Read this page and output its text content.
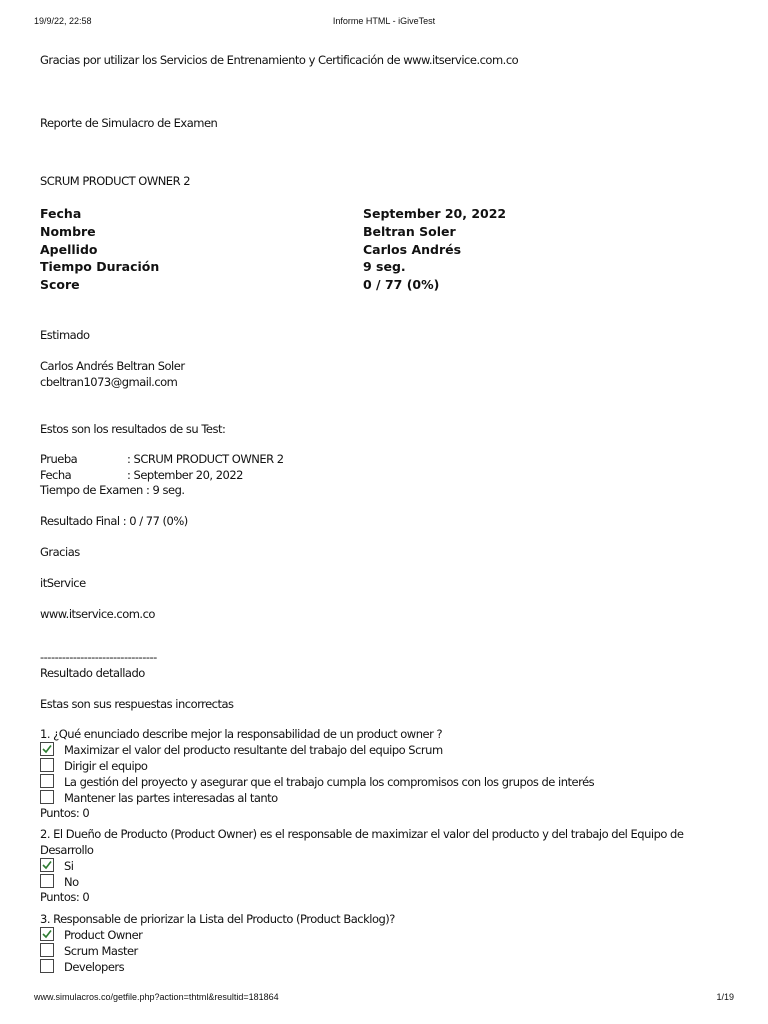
19/9/22, 22:58	Informe HTML - iGiveTest
Gracias por utilizar los Servicios de Entrenamiento y Certificación de www.itservice.com.co
Reporte de Simulacro de Examen
SCRUM PRODUCT OWNER 2
Fecha	September 20, 2022
Nombre	Beltran Soler
Apellido	Carlos Andrés
Tiempo Duración	9 seg.
Score	0 / 77 (0%)
Estimado
Carlos Andrés Beltran Soler
cbeltran1073@gmail.com
Estos son los resultados de su Test:
Prueba	: SCRUM PRODUCT OWNER 2
Fecha	: September 20, 2022
Tiempo de Examen : 9 seg.
Resultado Final : 0 / 77 (0%)
Gracias
itService
www.itservice.com.co
--------------------------------
Resultado detallado
Estas son sus respuestas incorrectas
1. ¿Qué enunciado describe mejor la responsabilidad de un product owner ?
Maximizar el valor del producto resultante del trabajo del equipo Scrum
Dirigir el equipo
La gestión del proyecto y asegurar que el trabajo cumpla los compromisos con los grupos de interés
Mantener las partes interesadas al tanto
Puntos: 0
2. El Dueño de Producto (Product Owner) es el responsable de maximizar el valor del producto y del trabajo del Equipo de
Desarrollo
Si
No
Puntos: 0
3. Responsable de priorizar la Lista del Producto (Product Backlog)?
Product Owner
Scrum Master
Developers
www.simulacros.co/getfile.php?action=thtml&resultid=181864	1/19
